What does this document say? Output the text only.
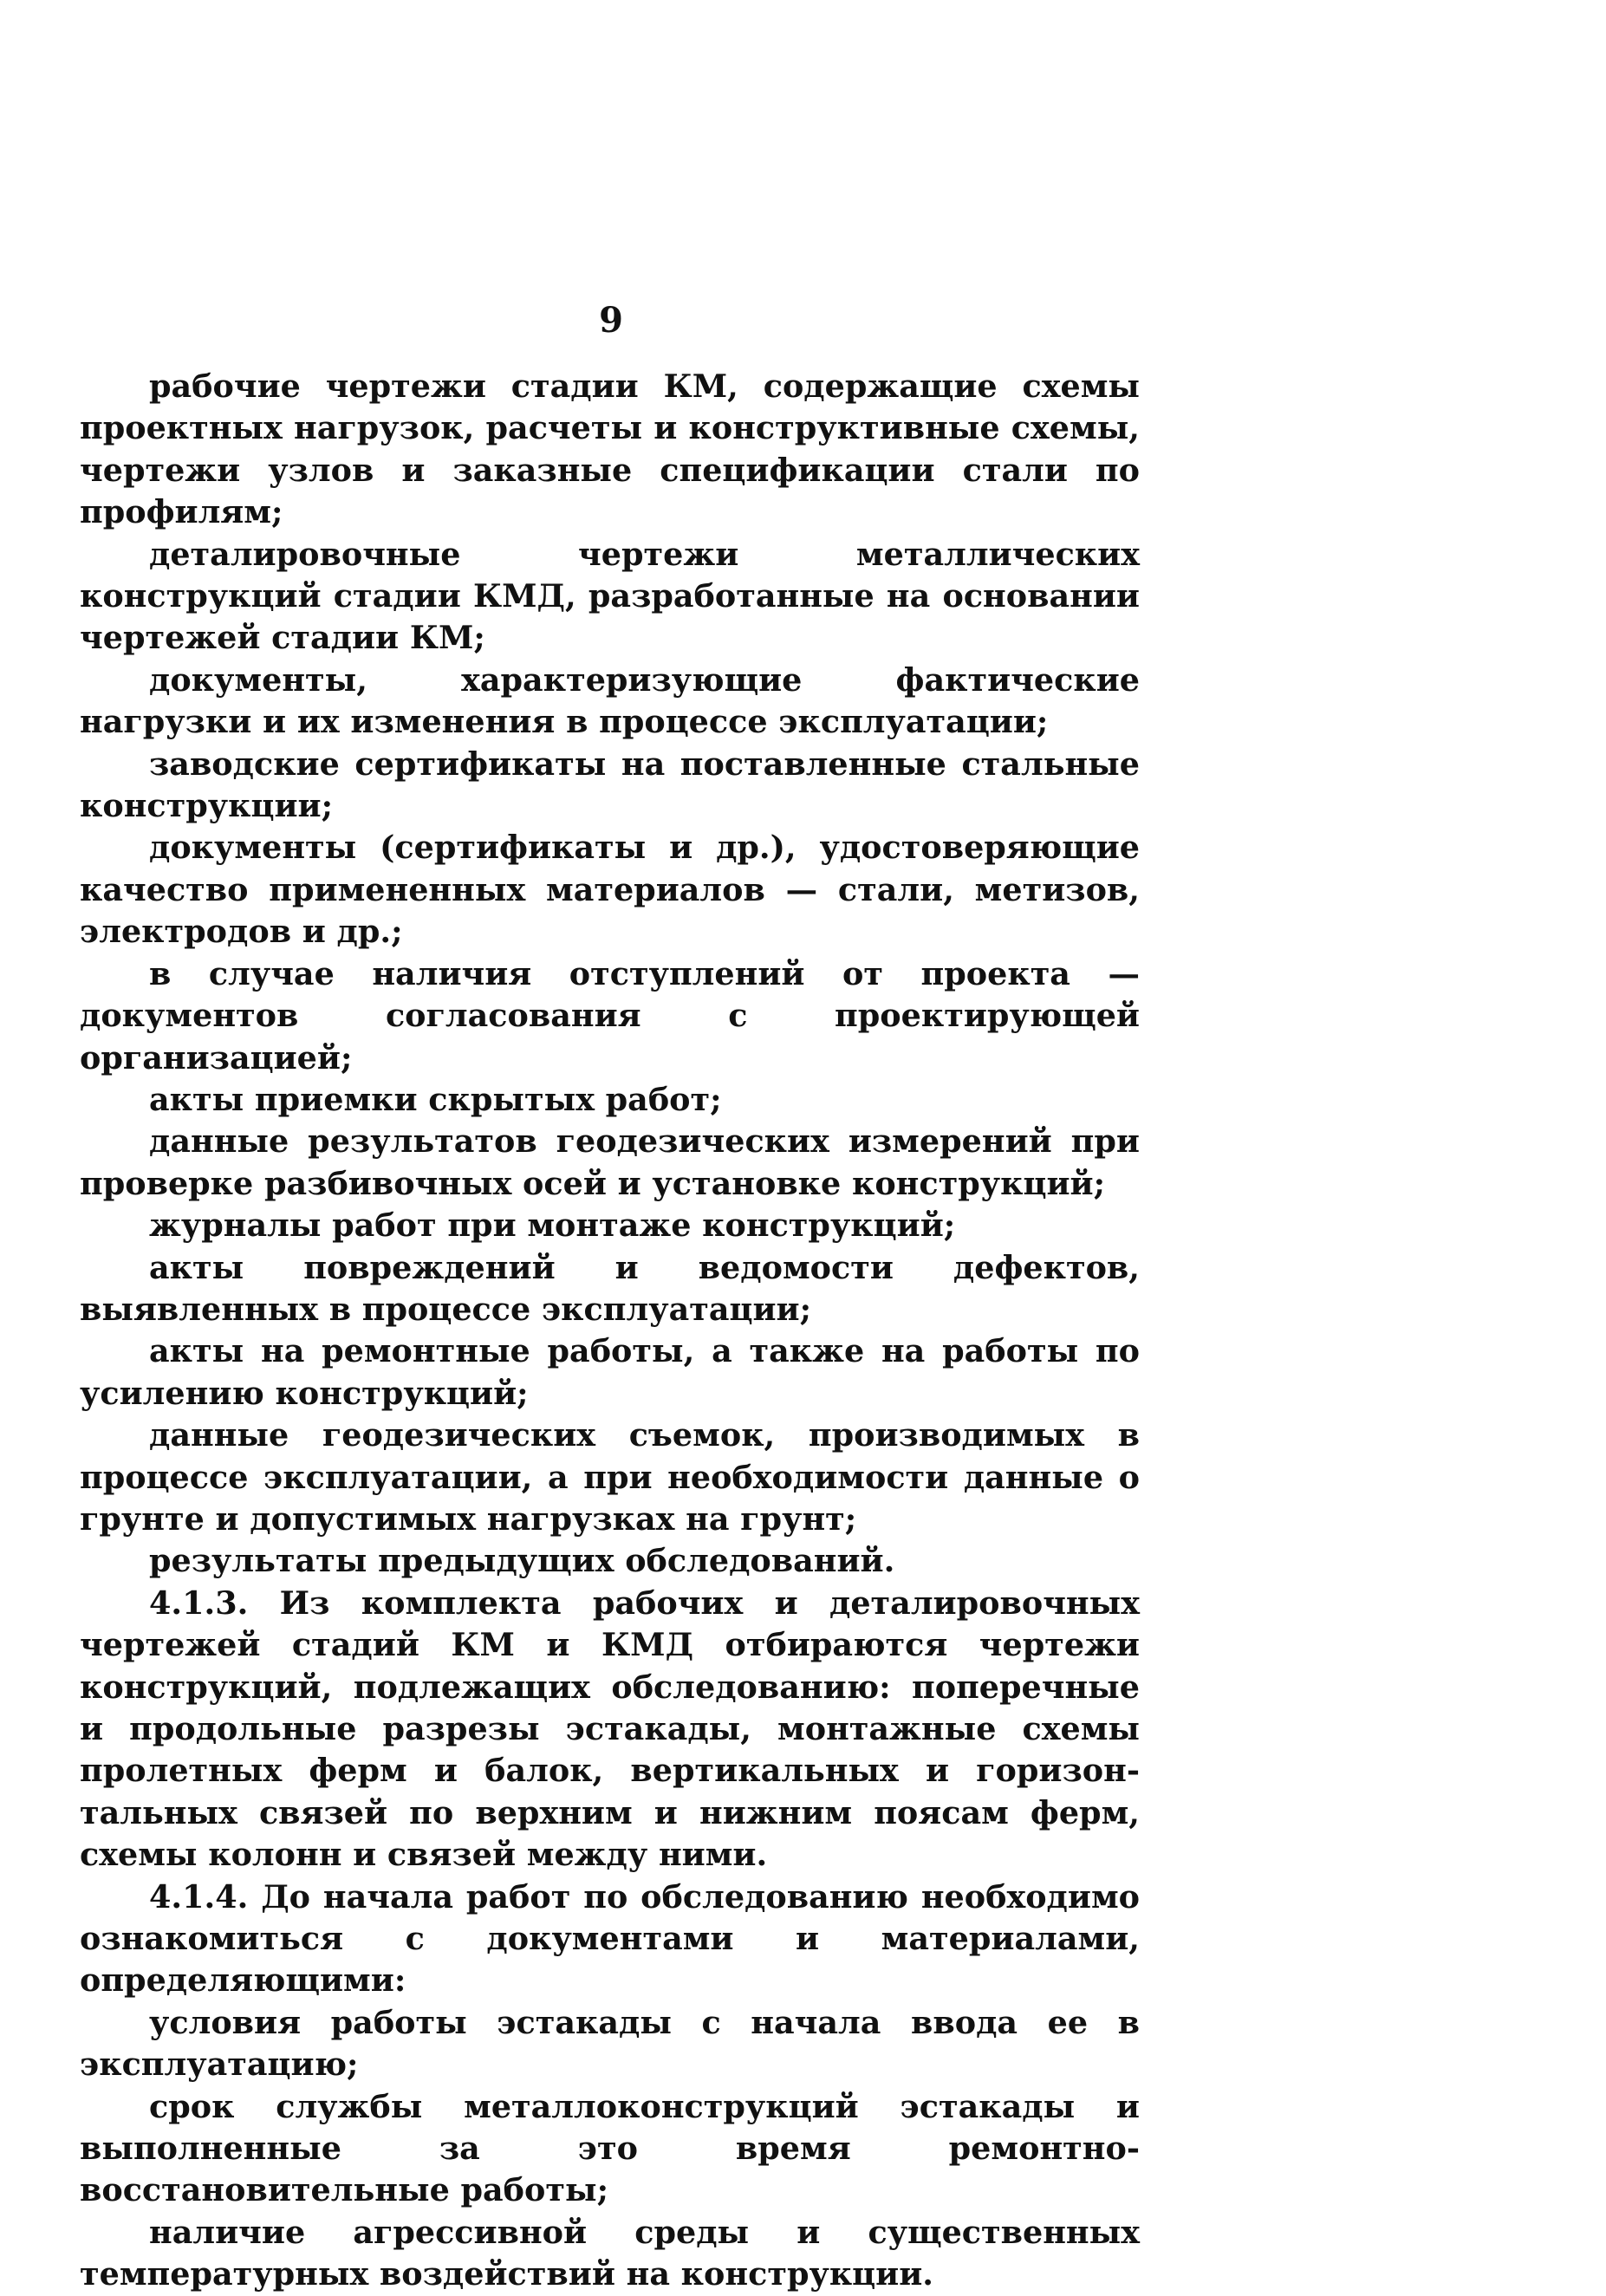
9

рабочие чертежи стадии КМ, содержащие схемы проектных нагрузок, расчеты и конструктивные схемы, чертежи узлов и заказные спецификации стали по профилям;

деталировочные чертежи металлических конструкций стадии КМД, разработанные на основании чертежей стадии КМ;

документы, характеризующие фактические нагрузки и их изменения в процессе эксплуатации;

заводские сертификаты на поставленные стальные конструкции;

документы (сертификаты и др.), удостоверяющие качество примененных материалов — стали, метизов, электродов и др.;

в случае наличия отступлений от проекта — документов согласования с проектирующей организацией;

акты приемки скрытых работ;

данные результатов геодезических измерений при проверке разбивочных осей и установке конструкций;

журналы работ при монтаже конструкций;

акты повреждений и ведомости дефектов, выявленных в процессе эксплуатации;

акты на ремонтные работы, а также на работы по усилению конструкций;

данные геодезических съемок, производимых в процессе эксплуатации, а при необходимости данные о грунте и допустимых нагрузках на грунт;

результаты предыдущих обследований.

4.1.3. Из комплекта рабочих и деталировочных чертежей стадий КМ и КМД отбираются чертежи конструкций, подлежащих обследованию: поперечные и продольные разрезы эстакады, монтажные схемы пролетных ферм и балок, вертикальных и горизонтальных связей по верхним и нижним поясам ферм, схемы колонн и связей между ними.

4.1.4. До начала работ по обследованию необходимо ознакомиться с документами и материалами, определяющими:

условия работы эстакады с начала ввода ее в эксплуатацию;

срок службы металлоконструкций эстакады и выполненные за это время ремонтно-восстановительные работы;

наличие агрессивной среды и существенных температурных воздействий на конструкции.
